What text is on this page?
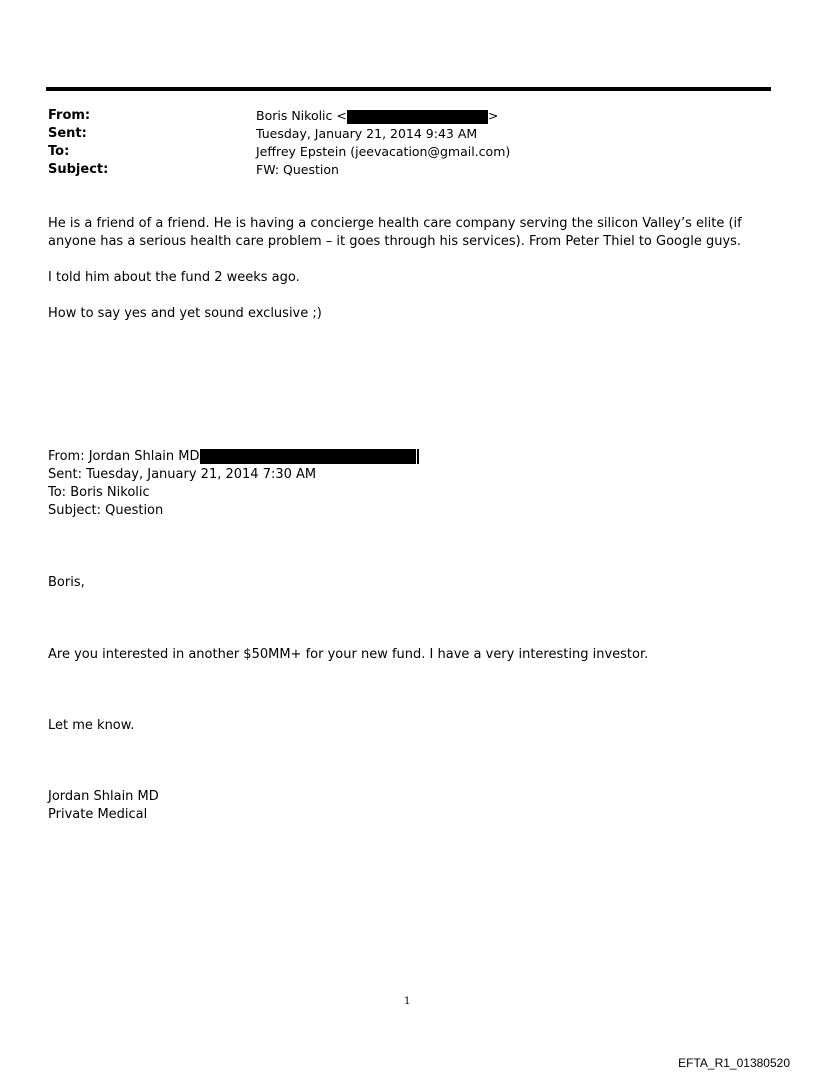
From:	Boris Nikolic <	>
Sent:	Tuesday, January 21, 2014 9:43 AM
To:	Jeffrey Epstein (jeevacation@gmail.com)
Subject:	FW: Question
He is a friend of a friend. He is having a concierge health care company serving the silicon Valley’s elite (if anyone has a serious health care problem – it goes through his services). From Peter Thiel to Google guys.
I told him about the fund 2 weeks ago.
How to say yes and yet sound exclusive ;)
From: Jordan Shlain MD
Sent: Tuesday, January 21, 2014 7:30 AM
To: Boris Nikolic
Subject: Question
Boris,
Are you interested in another $50MM+ for your new fund. I have a very interesting investor.
Let me know.
Jordan Shlain MD
Private Medical
1
EFTA_R1_01380520
